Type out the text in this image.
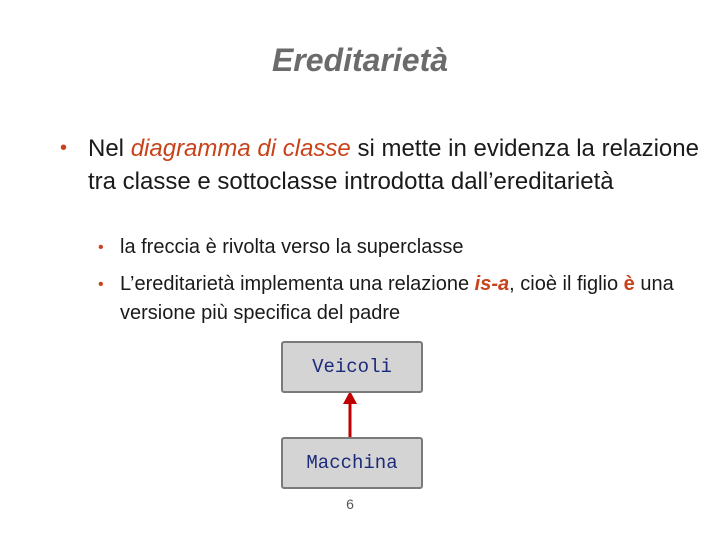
Ereditarietà
• Nel diagramma di classe si mette in evidenza la relazione tra classe e sottoclasse introdotta dall’ereditarietà
• la freccia è rivolta verso la superclasse
• L’ereditarietà implementa una relazione is-a, cioè il figlio è una versione più specifica del padre
Veicoli
Macchina
6
